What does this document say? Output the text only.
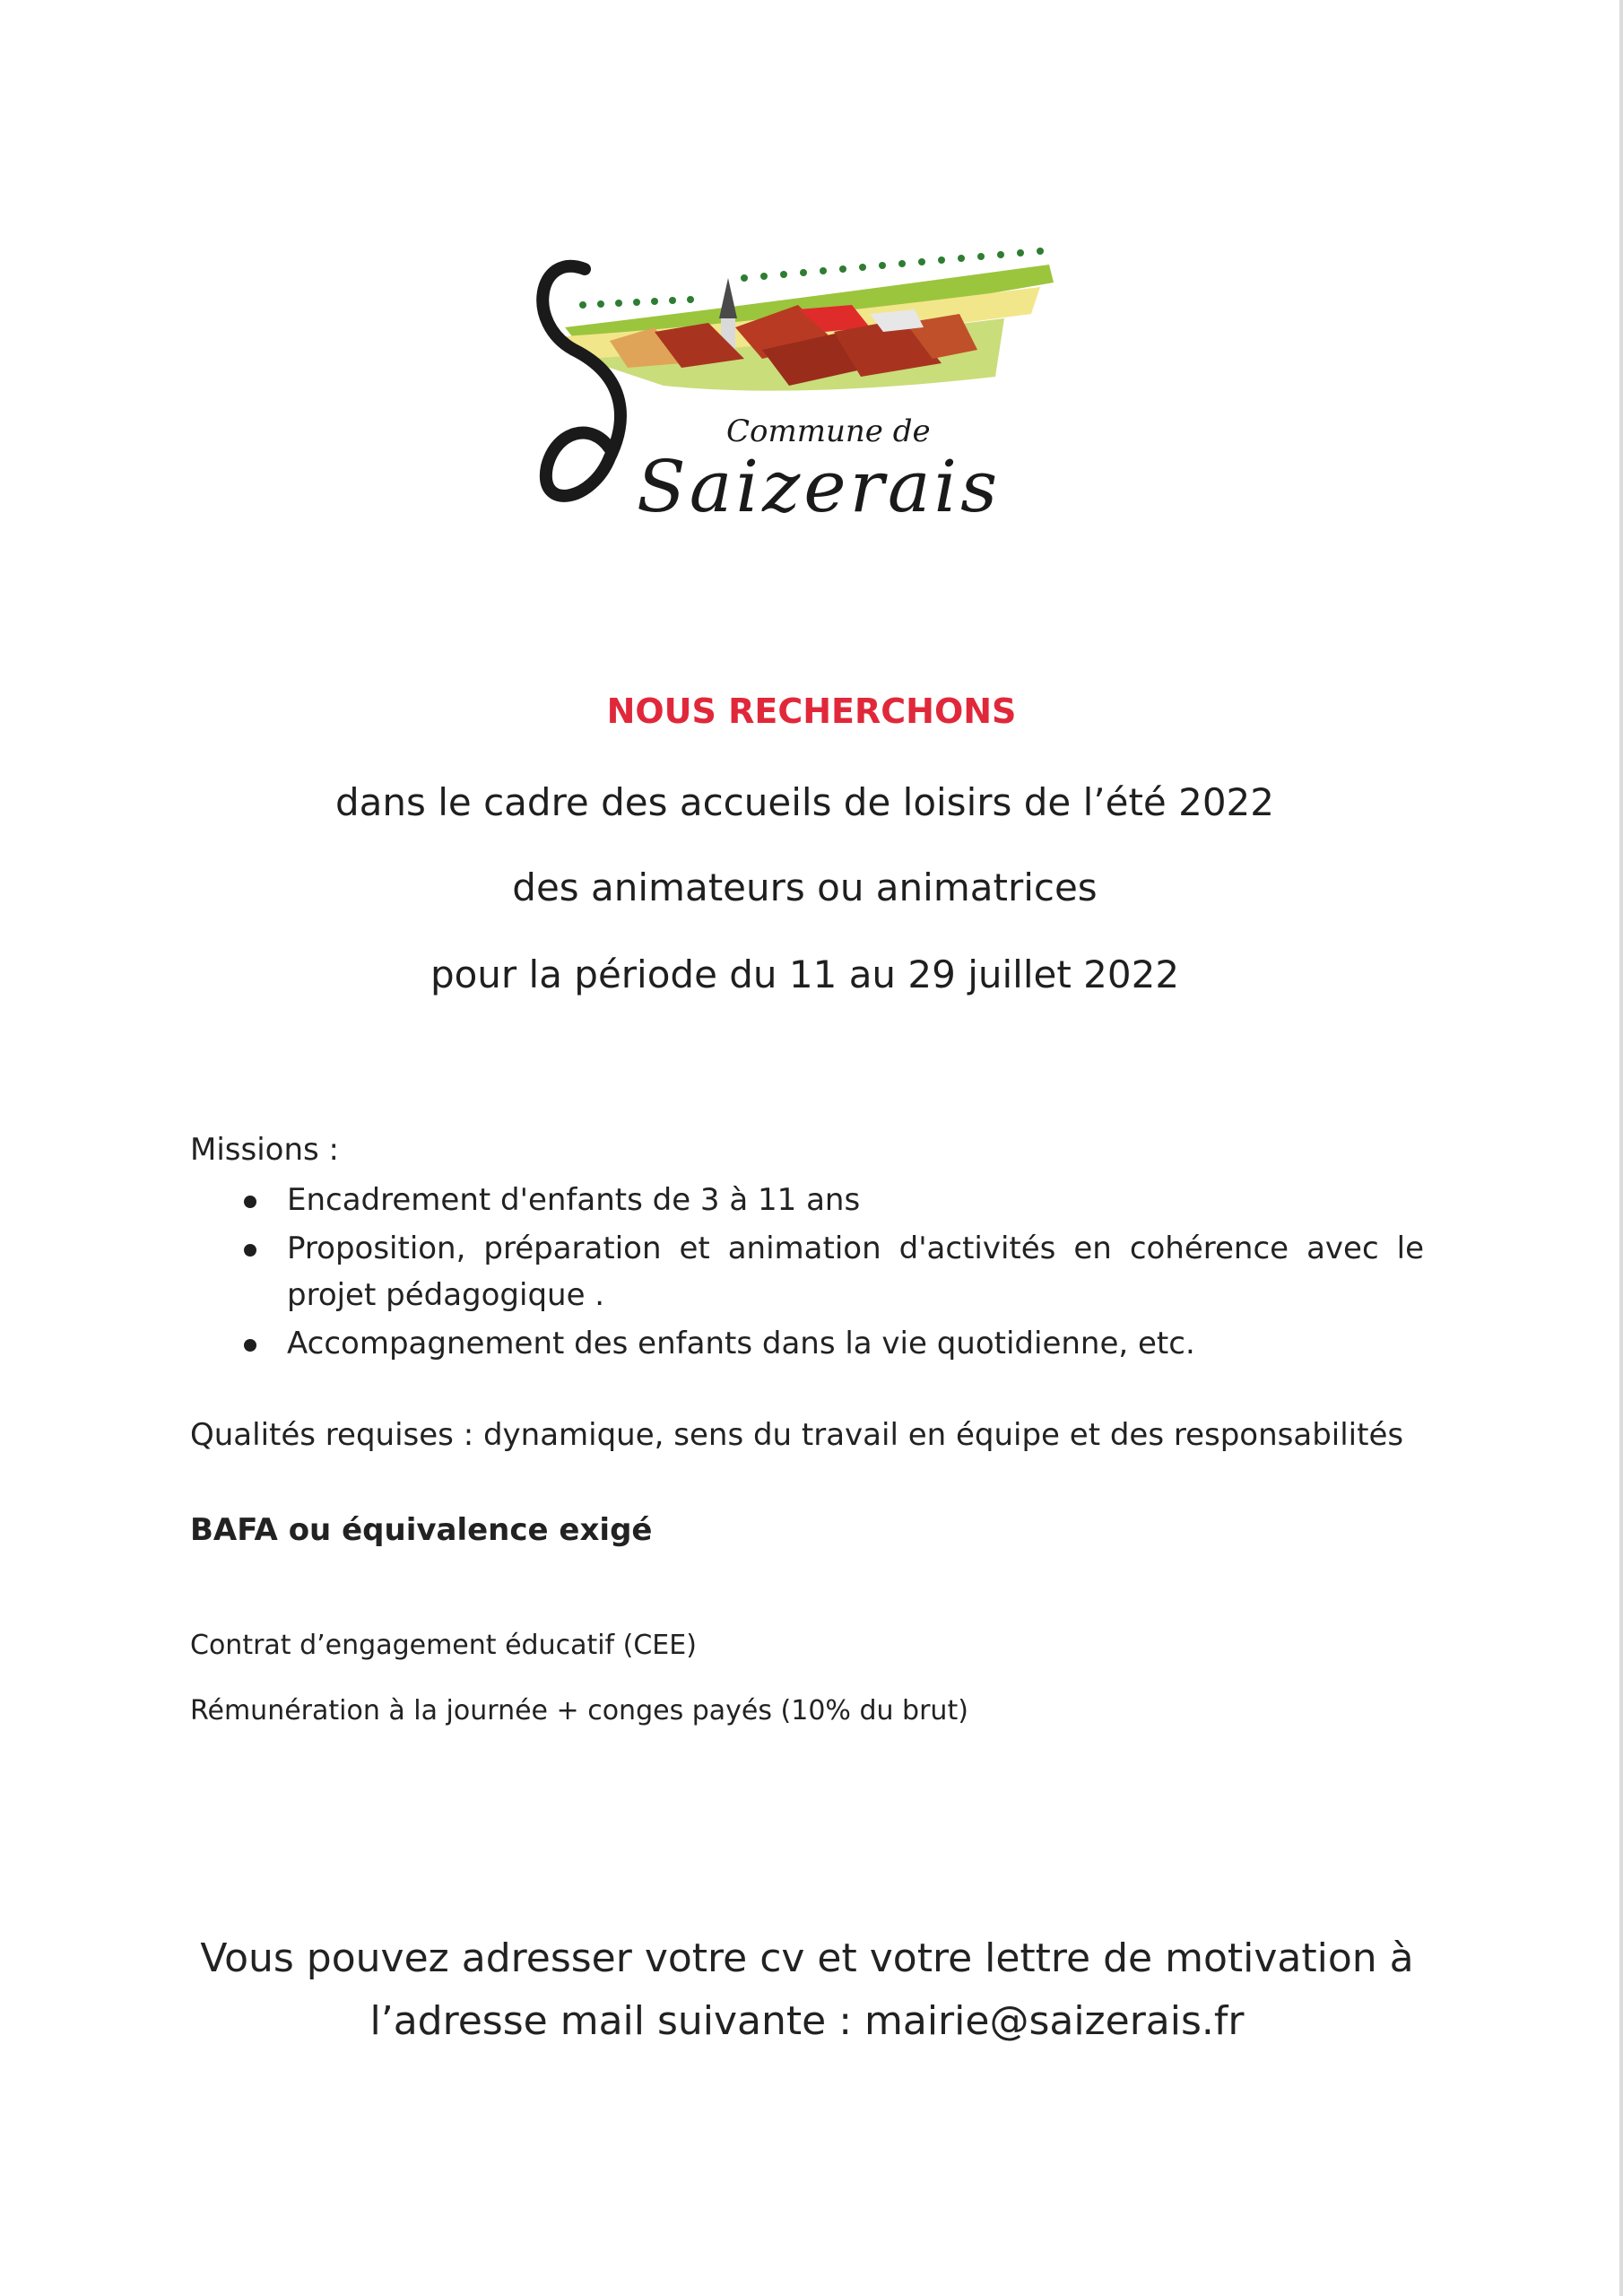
Commune de
Saizerais
NOUS RECHERCHONS
dans le cadre des accueils de loisirs de l’été 2022
des animateurs ou animatrices
pour la période du 11 au 29 juillet 2022
Missions :
Encadrement d'enfants de 3 à 11 ans
Proposition, préparation et animation d'activités en cohérence avec le projet pédagogique .
Accompagnement des enfants dans la vie quotidienne, etc.
Qualités requises : dynamique, sens du travail en équipe et des responsabilités
BAFA ou équivalence exigé
Contrat d’engagement éducatif (CEE)
Rémunération à la journée + conges payés (10% du brut)
Vous pouvez adresser votre cv et votre lettre de motivation à
l’adresse mail suivante : mairie@saizerais.fr
